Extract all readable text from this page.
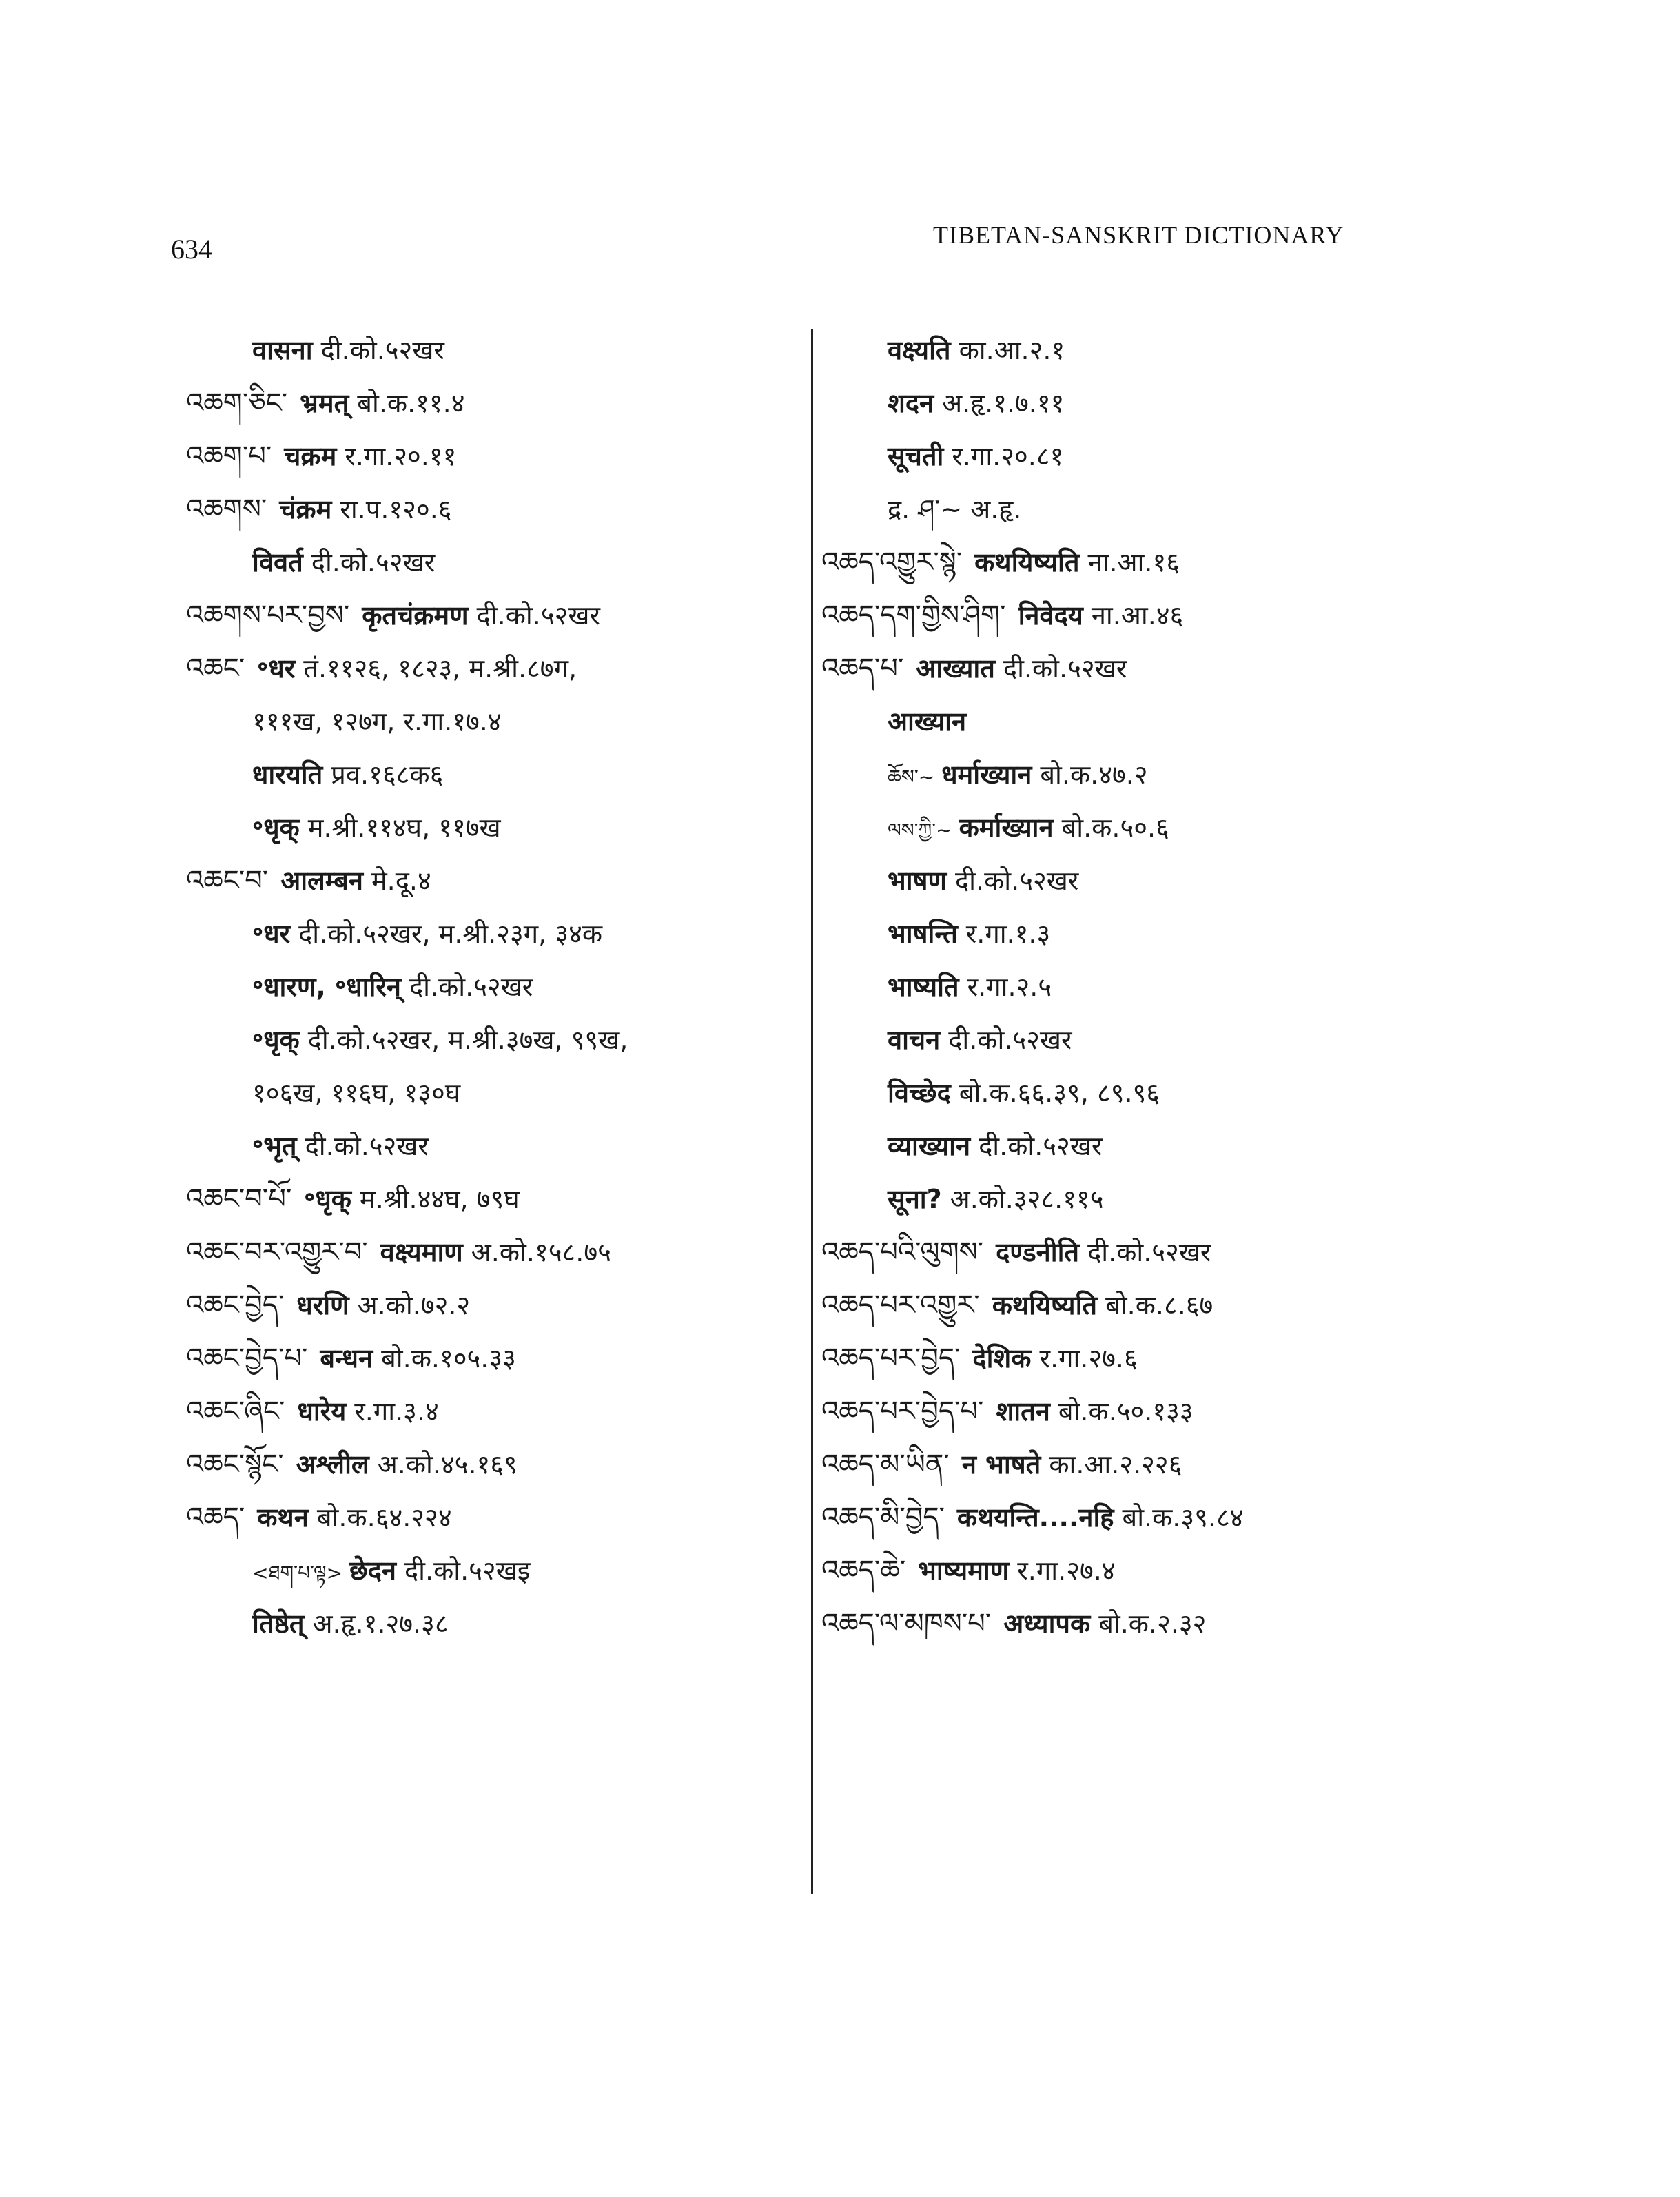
634	TIBETAN-SANSKRIT DICTIONARY
वासना दी.को.५२खर
འཆག་ཅིང་ भ्रमत् बो.क.११.४
འཆག་པ་ चक्रम र.गा.२०.११
འཆགས་ चंक्रम रा.प.१२०.६
विवर्त दी.को.५२खर
འཆགས་པར་བྱས་ कृतचंक्रमण दी.को.५२खर
འཆང་ ॰धर तं.११२६, १८२३, म.श्री.८७ग,
१११ख, १२७ग, र.गा.१७.४
धारयति प्रव.१६८क६
॰धृक् म.श्री.११४घ, ११७ख
འཆང་བ་ आलम्बन मे.दू.४
॰धर दी.को.५२खर, म.श्री.२३ग, ३४क
॰धारण, ॰धारिन् दी.को.५२खर
॰धृक् दी.को.५२खर, म.श्री.३७ख, ९९ख,
१०६ख, ११६घ, १३०घ
॰भृत् दी.को.५२खर
འཆང་བ་པོ་ ॰धृक् म.श्री.४४घ, ७९घ
འཆང་བར་འགྱུར་བ་ वक्ष्यमाण अ.को.१५८.७५
འཆང་བྱེད་ धरणि अ.को.७२.२
འཆང་བྱེད་པ་ बन्धन बो.क.१०५.३३
འཆང་ཞིང་ धारेय र.गा.३.४
འཆང་སྙོང་ अश्लील अ.को.४५.१६९
འཆད་ कथन बो.क.६४.२२४
<ཐག་པ་ལྟ> छेदन दी.को.५२खइ
तिष्ठेत् अ.हृ.१.२७.३८
वक्ष्यति का.आ.२.१
शदन अ.हृ.१.७.११
सूचती र.गा.२०.८१
द्र. ཤ་~ अ.हृ.
འཆད་འགྱུར་སྙེ་ कथयिष्यति ना.आ.१६
འཆད་དག་གྱིས་ཤིག་ निवेदय ना.आ.४६
འཆད་པ་ आख्यात दी.को.५२खर
आख्यान
ཆོས་~ धर्माख्यान बो.क.४७.२
ལས་ཀྱི་~ कर्माख्यान बो.क.५०.६
भाषण दी.को.५२खर
भाषन्ति र.गा.१.३
भाष्यति र.गा.२.५
वाचन दी.को.५२खर
विच्छेद बो.क.६६.३९, ८९.९६
व्याख्यान दी.को.५२खर
सूना? अ.को.३२८.११५
འཆད་པའི་ལུགས་ दण्डनीति दी.को.५२खर
འཆད་པར་འགྱུར་ कथयिष्यति बो.क.८.६७
འཆད་པར་བྱེད་ देशिक र.गा.२७.६
འཆད་པར་བྱེད་པ་ शातन बो.क.५०.१३३
འཆད་མ་ཡིན་ न भाषते का.आ.२.२२६
འཆད་མི་བྱེད་ कथयन्ति....नहि बो.क.३९.८४
འཆད་ཆེ་ भाष्यमाण र.गा.२७.४
འཆད་ལ་མཁས་པ་ अध्यापक बो.क.२.३२
